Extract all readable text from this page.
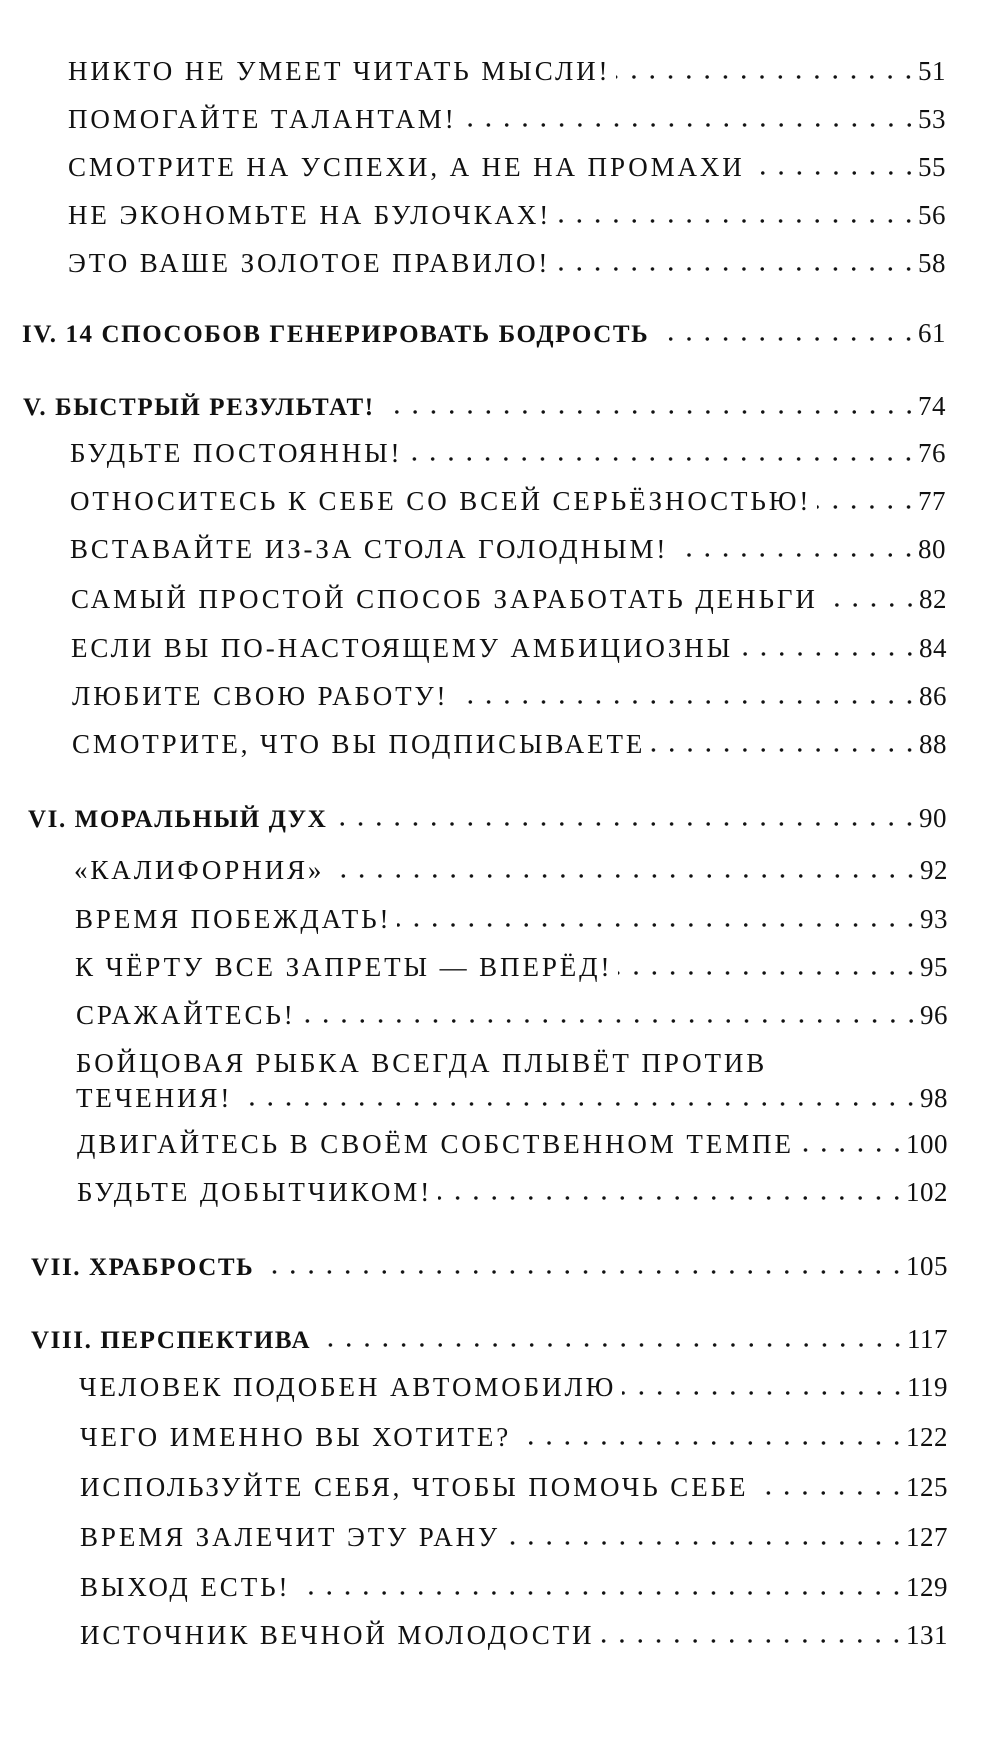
НИКТО НЕ УМЕЕТ ЧИТАТЬ МЫСЛИ!	51
ПОМОГАЙТЕ ТАЛАНТАМ!	53
СМОТРИТЕ НА УСПЕХИ, А НЕ НА ПРОМАХИ	55
НЕ ЭКОНОМЬТЕ НА БУЛОЧКАХ!	56
ЭТО ВАШЕ ЗОЛОТОЕ ПРАВИЛО!	58
IV. 14 СПОСОБОВ ГЕНЕРИРОВАТЬ БОДРОСТЬ	61
V. БЫСТРЫЙ РЕЗУЛЬТАТ!	74
БУДЬТЕ ПОСТОЯННЫ!	76
ОТНОСИТЕСЬ К СЕБЕ СО ВСЕЙ СЕРЬЁЗНОСТЬЮ!	77
ВСТАВАЙТЕ ИЗ-ЗА СТОЛА ГОЛОДНЫМ!	80
САМЫЙ ПРОСТОЙ СПОСОБ ЗАРАБОТАТЬ ДЕНЬГИ	82
ЕСЛИ ВЫ ПО-НАСТОЯЩЕМУ АМБИЦИОЗНЫ	84
ЛЮБИТЕ СВОЮ РАБОТУ!	86
СМОТРИТЕ, ЧТО ВЫ ПОДПИСЫВАЕТЕ	88
VI. МОРАЛЬНЫЙ ДУХ	90
«КАЛИФОРНИЯ»	92
ВРЕМЯ ПОБЕЖДАТЬ!	93
К ЧЁРТУ ВСЕ ЗАПРЕТЫ — ВПЕРЁД!	95
СРАЖАЙТЕСЬ!	96
БОЙЦОВАЯ РЫБКА ВСЕГДА ПЛЫВЁТ ПРОТИВ
ТЕЧЕНИЯ!	98
ДВИГАЙТЕСЬ В СВОЁМ СОБСТВЕННОМ ТЕМПЕ	100
БУДЬТЕ ДОБЫТЧИКОМ!	102
VII. ХРАБРОСТЬ	105
VIII. ПЕРСПЕКТИВА	117
ЧЕЛОВЕК ПОДОБЕН АВТОМОБИЛЮ	119
ЧЕГО ИМЕННО ВЫ ХОТИТЕ?	122
ИСПОЛЬЗУЙТЕ СЕБЯ, ЧТОБЫ ПОМОЧЬ СЕБЕ	125
ВРЕМЯ ЗАЛЕЧИТ ЭТУ РАНУ	127
ВЫХОД ЕСТЬ!	129
ИСТОЧНИК ВЕЧНОЙ МОЛОДОСТИ	131
